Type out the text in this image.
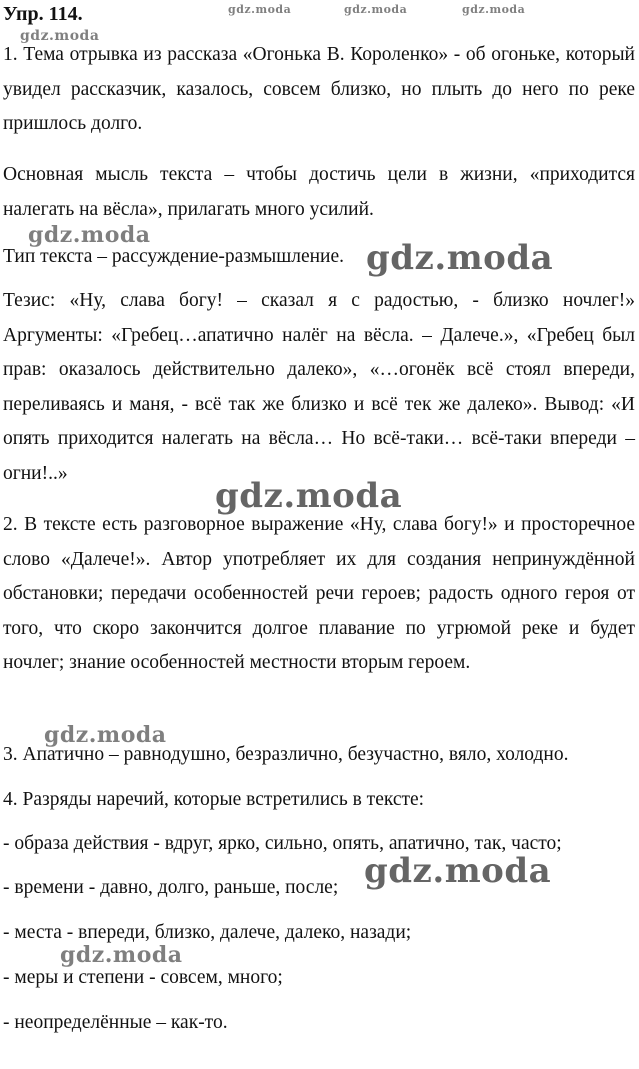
Упр. 114.	gdz.moda	gdz.moda	gdz.moda
gdz.moda

1. Тема отрывка из рассказа «Огонька В. Короленко» - об огоньке, который увидел рассказчик, казалось, совсем близко, но плыть до него по реке пришлось долго.

Основная мысль текста – чтобы достичь цели в жизни, «приходится налегать на вёсла», прилагать много усилий.

gdz.moda

Тип текста – рассуждение-размышление. gdz.moda

Тезис: «Ну, слава богу! – сказал я с радостью, - близко ночлег!» Аргументы: «Гребец…апатично налёг на вёсла. – Далече.», «Гребец был прав: оказалось действительно далеко», «…огонёк всё стоял впереди, переливаясь и маня, - всё так же близко и всё тек же далеко». Вывод: «И опять приходится налегать на вёсла… Но всё-таки… всё-таки впереди – огни!..»

gdz.moda

2. В тексте есть разговорное выражение «Ну, слава богу!» и просторечное слово «Далече!». Автор употребляет их для создания непринуждённой обстановки; передачи особенностей речи героев; радость одного героя от того, что скоро закончится долгое плавание по угрюмой реке и будет ночлег; знание особенностей местности вторым героем.

gdz.moda

3. Апатично – равнодушно, безразлично, безучастно, вяло, холодно.

4. Разряды наречий, которые встретились в тексте:

- образа действия - вдруг, ярко, сильно, опять, апатично, так, часто;

gdz.moda

- времени - давно, долго, раньше, после;

- места - впереди, близко, далече, далеко, назади;

gdz.moda

- меры и степени - совсем, много;

- неопределённые – как-то.
